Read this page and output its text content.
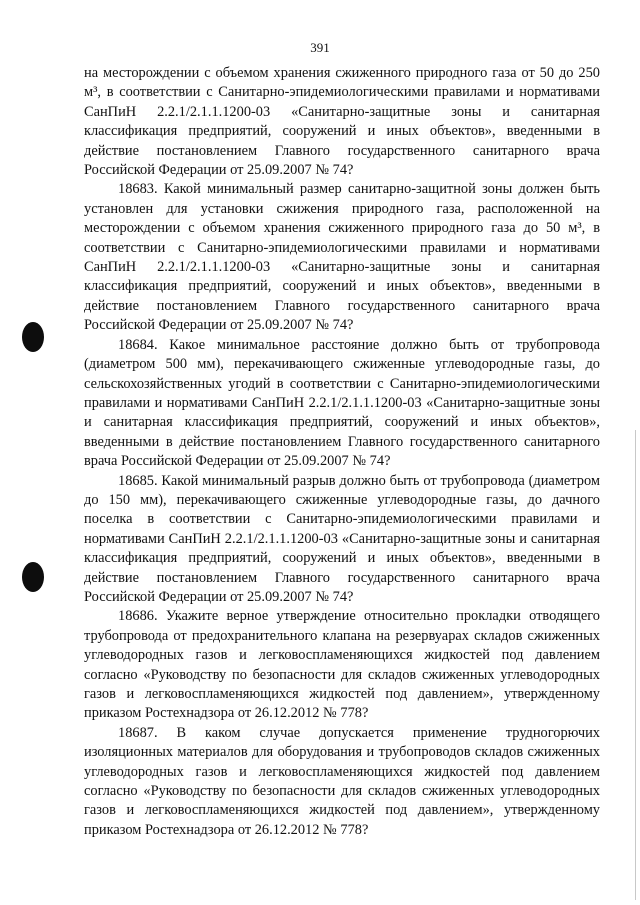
391

на месторождении с объемом хранения сжиженного природного газа от 50 до 250 м³, в соответствии с Санитарно-эпидемиологическими правилами и нормативами СанПиН 2.2.1/2.1.1.1200-03 «Санитарно-защитные зоны и санитарная классификация предприятий, сооружений и иных объектов», введенными в действие постановлением Главного государственного санитарного врача Российской Федерации от 25.09.2007 № 74?

18683. Какой минимальный размер санитарно-защитной зоны должен быть установлен для установки сжижения природного газа, расположенной на месторождении с объемом хранения сжиженного природного газа до 50 м³, в соответствии с Санитарно-эпидемиологическими правилами и нормативами СанПиН 2.2.1/2.1.1.1200-03 «Санитарно-защитные зоны и санитарная классификация предприятий, сооружений и иных объектов», введенными в действие постановлением Главного государственного санитарного врача Российской Федерации от 25.09.2007 № 74?

18684. Какое минимальное расстояние должно быть от трубопровода (диаметром 500 мм), перекачивающего сжиженные углеводородные газы, до сельскохозяйственных угодий в соответствии с Санитарно-эпидемиологическими правилами и нормативами СанПиН 2.2.1/2.1.1.1200-03 «Санитарно-защитные зоны и санитарная классификация предприятий, сооружений и иных объектов», введенными в действие постановлением Главного государственного санитарного врача Российской Федерации от 25.09.2007 № 74?

18685. Какой минимальный разрыв должно быть от трубопровода (диаметром до 150 мм), перекачивающего сжиженные углеводородные газы, до дачного поселка в соответствии с Санитарно-эпидемиологическими правилами и нормативами СанПиН 2.2.1/2.1.1.1200-03 «Санитарно-защитные зоны и санитарная классификация предприятий, сооружений и иных объектов», введенными в действие постановлением Главного государственного санитарного врача Российской Федерации от 25.09.2007 № 74?

18686. Укажите верное утверждение относительно прокладки отводящего трубопровода от предохранительного клапана на резервуарах складов сжиженных углеводородных газов и легковоспламеняющихся жидкостей под давлением согласно «Руководству по безопасности для складов сжиженных углеводородных газов и легковоспламеняющихся жидкостей под давлением», утвержденному приказом Ростехнадзора от 26.12.2012 № 778?

18687. В каком случае допускается применение трудногорючих изоляционных материалов для оборудования и трубопроводов складов сжиженных углеводородных газов и легковоспламеняющихся жидкостей под давлением согласно «Руководству по безопасности для складов сжиженных углеводородных газов и легковоспламеняющихся жидкостей под давлением», утвержденному приказом Ростехнадзора от 26.12.2012 № 778?
